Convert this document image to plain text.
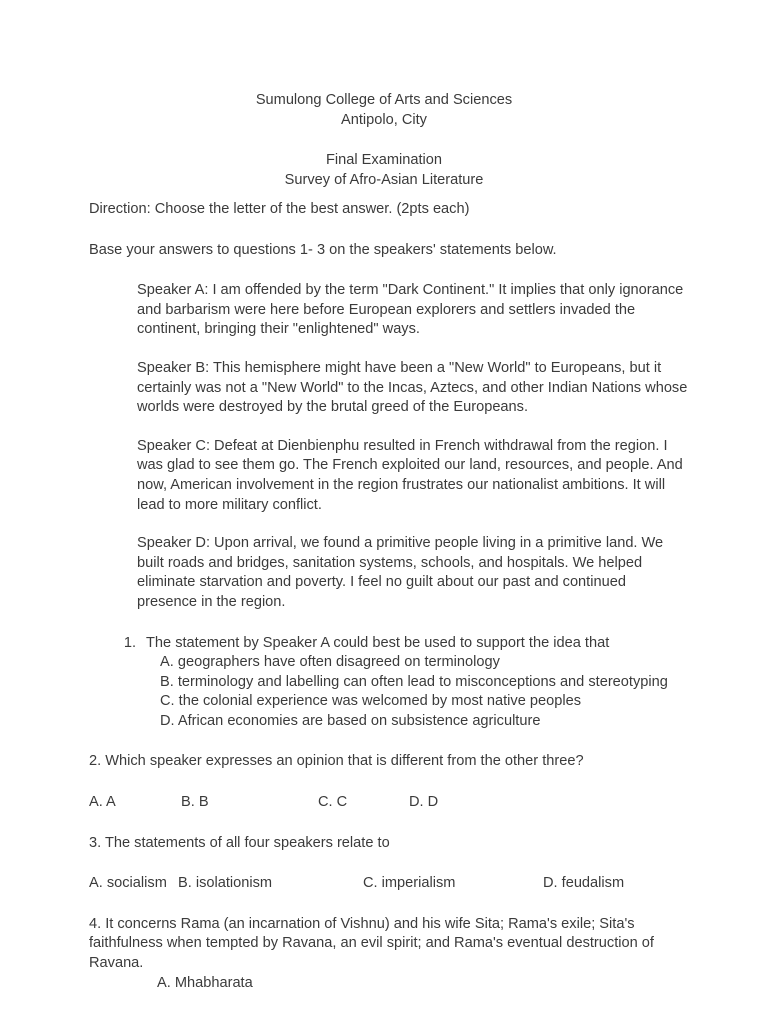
Sumulong College of Arts and Sciences
Antipolo, City
Final Examination
Survey of Afro-Asian Literature

Direction: Choose the letter of the best answer. (2pts each)

Base your answers to questions 1- 3 on the speakers' statements below.

Speaker A: I am offended by the term "Dark Continent." It implies that only ignorance and barbarism were here before European explorers and settlers invaded the continent, bringing their "enlightened" ways.

Speaker B: This hemisphere might have been a "New World" to Europeans, but it certainly was not a "New World" to the Incas, Aztecs, and other Indian Nations whose worlds were destroyed by the brutal greed of the Europeans.

Speaker C: Defeat at Dienbienphu resulted in French withdrawal from the region. I was glad to see them go. The French exploited our land, resources, and people. And now, American involvement in the region frustrates our nationalist ambitions. It will lead to more military conflict.

Speaker D: Upon arrival, we found a primitive people living in a primitive land. We built roads and bridges, sanitation systems, schools, and hospitals. We helped eliminate starvation and poverty. I feel no guilt about our past and continued presence in the region.

1. The statement by Speaker A could best be used to support the idea that
A. geographers have often disagreed on terminology
B. terminology and labelling can often lead to misconceptions and stereotyping
C. the colonial experience was welcomed by most native peoples
D. African economies are based on subsistence agriculture

2. Which speaker expresses an opinion that is different from the other three?

A. A	B. B	C. C	D. D

3. The statements of all four speakers relate to

A. socialism B. isolationism	C. imperialism	D. feudalism

4. It concerns Rama (an incarnation of Vishnu) and his wife Sita; Rama's exile; Sita's faithfulness when tempted by Ravana, an evil spirit; and Rama's eventual destruction of Ravana.

A. Mhabharata
